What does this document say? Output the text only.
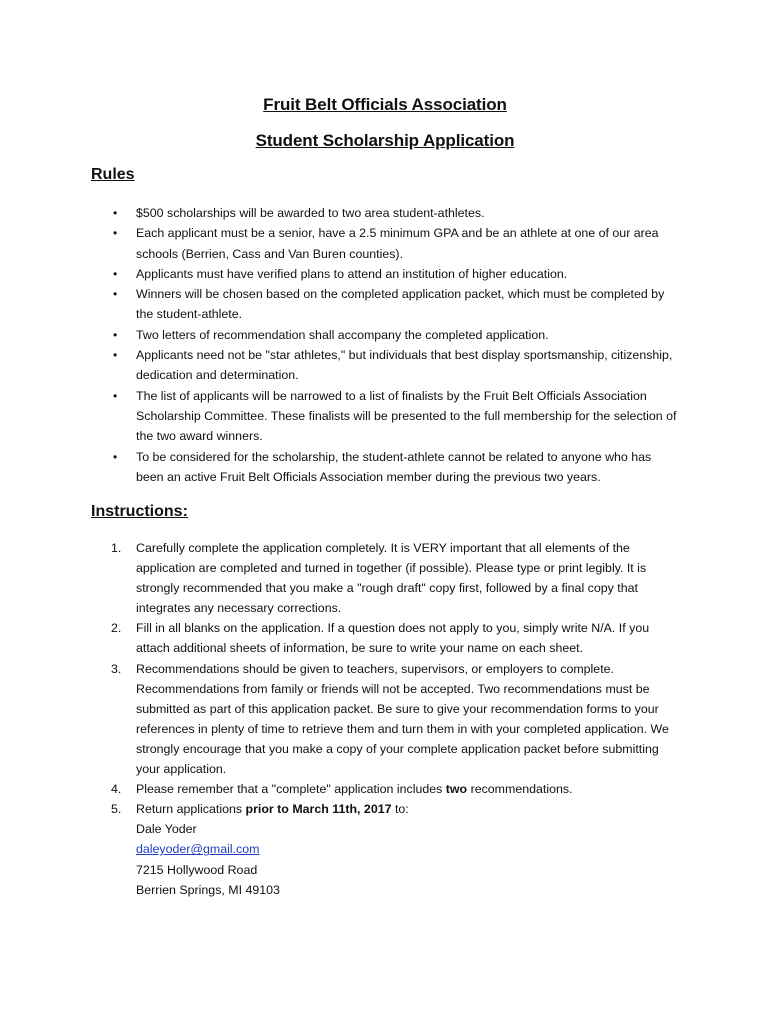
Fruit Belt Officials Association
Student Scholarship Application
Rules
• $500 scholarships will be awarded to two area student-athletes.
• Each applicant must be a senior, have a 2.5 minimum GPA and be an athlete at one of our area schools (Berrien, Cass and Van Buren counties).
• Applicants must have verified plans to attend an institution of higher education.
• Winners will be chosen based on the completed application packet, which must be completed by the student-athlete.
• Two letters of recommendation shall accompany the completed application.
• Applicants need not be "star athletes," but individuals that best display sportsmanship, citizenship, dedication and determination.
• The list of applicants will be narrowed to a list of finalists by the Fruit Belt Officials Association Scholarship Committee. These finalists will be presented to the full membership for the selection of the two award winners.
• To be considered for the scholarship, the student-athlete cannot be related to anyone who has been an active Fruit Belt Officials Association member during the previous two years.
Instructions:
1. Carefully complete the application completely. It is VERY important that all elements of the application are completed and turned in together (if possible). Please type or print legibly. It is strongly recommended that you make a "rough draft" copy first, followed by a final copy that integrates any necessary corrections.
2. Fill in all blanks on the application. If a question does not apply to you, simply write N/A. If you attach additional sheets of information, be sure to write your name on each sheet.
3. Recommendations should be given to teachers, supervisors, or employers to complete. Recommendations from family or friends will not be accepted. Two recommendations must be submitted as part of this application packet. Be sure to give your recommendation forms to your references in plenty of time to retrieve them and turn them in with your completed application. We strongly encourage that you make a copy of your complete application packet before submitting your application.
4. Please remember that a "complete" application includes two recommendations.
5. Return applications prior to March 11th, 2017 to:
Dale Yoder
daleyoder@gmail.com
7215 Hollywood Road
Berrien Springs, MI 49103
